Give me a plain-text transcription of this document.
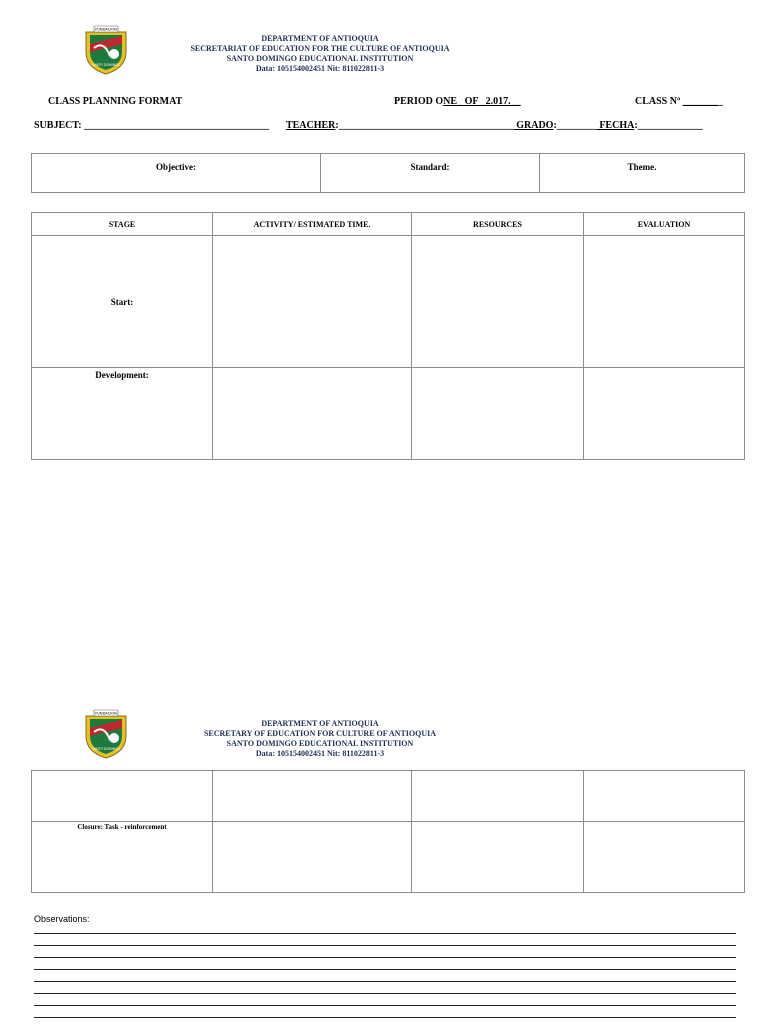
FUNDACION
SANTO DOMINGO
DEPARTMENT OF ANTIOQUIA
SECRETARIAT OF EDUCATION FOR THE CULTURE OF ANTIOQUIA
SANTO DOMINGO EDUCATIONAL INSTITUTION
Data: 105154002451 Nit: 811022811-3
CLASS PLANNING FORMAT	PERIOD ONE_ OF _2.017.__	CLASS Nº ________
SUBJECT: _____________________________________  TEACHER:___________________________________ GRADO:________ FECHA:_____________
Objective:	Standard:	Theme.
STAGE	ACTIVITY/ ESTIMATED TIME.	RESOURCES	EVALUATION
Start:			
Development:			
FUNDACION
SANTO DOMINGO
DEPARTMENT OF ANTIOQUIA
SECRETARY OF EDUCATION FOR CULTURE OF ANTIOQUIA
SANTO DOMINGO EDUCATIONAL INSTITUTION
Data: 105154002451 Nit: 811022811-3

Closure: Task - reinforcement			
Observations:
